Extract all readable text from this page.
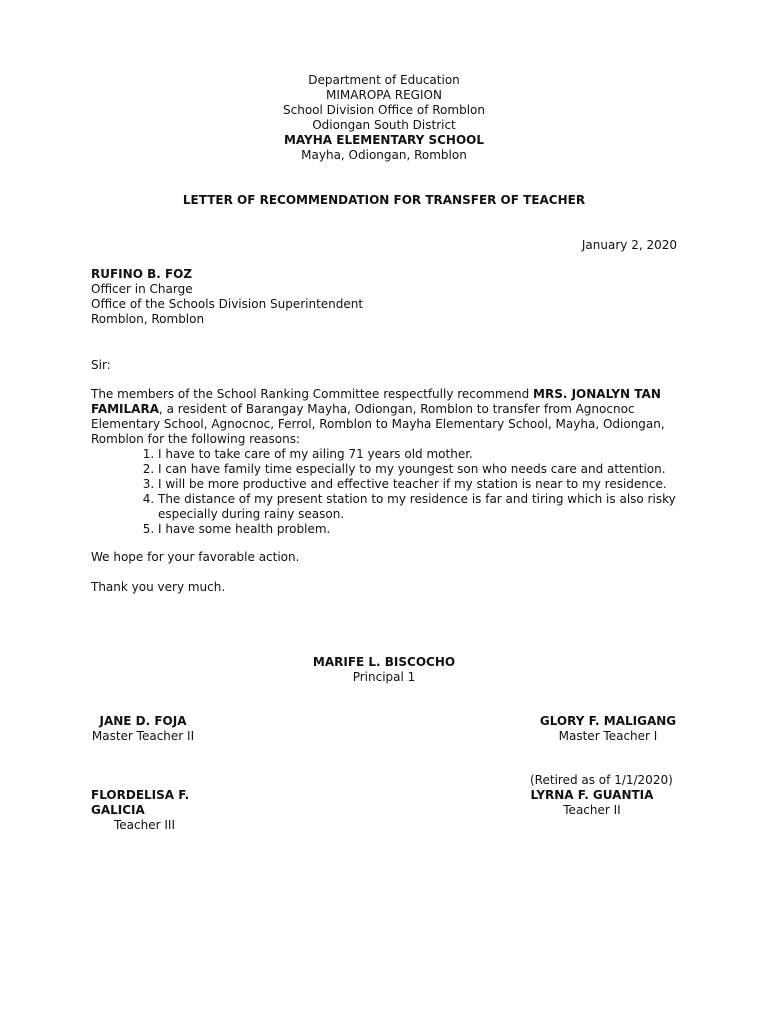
Department of Education
MIMAROPA REGION
School Division Office of Romblon
Odiongan South District
MAYHA ELEMENTARY SCHOOL
Mayha, Odiongan, Romblon
LETTER OF RECOMMENDATION FOR TRANSFER OF TEACHER
January 2, 2020
RUFINO B. FOZ
Officer in Charge
Office of the Schools Division Superintendent
Romblon, Romblon
Sir:

The members of the School Ranking Committee respectfully recommend MRS. JONALYN TAN FAMILARA, a resident of Barangay Mayha, Odiongan, Romblon to transfer from Agnocnoc Elementary School, Agnocnoc, Ferrol, Romblon to Mayha Elementary School, Mayha, Odiongan, Romblon for the following reasons:

1. I have to take care of my ailing 71 years old mother.
2. I can have family time especially to my youngest son who needs care and attention.
3. I will be more productive and effective teacher if my station is near to my residence.
4. The distance of my present station to my residence is far and tiring which is also risky especially during rainy season.
5. I have some health problem.
We hope for your favorable action.
Thank you very much.
MARIFE L. BISCOCHO
Principal 1
JANE D. FOJA
Master Teacher II
GLORY F. MALIGANG
Master Teacher I
(Retired as of 1/1/2020)
FLORDELISA F. GALICIA
Teacher III
LYRNA F. GUANTIA
Teacher II
